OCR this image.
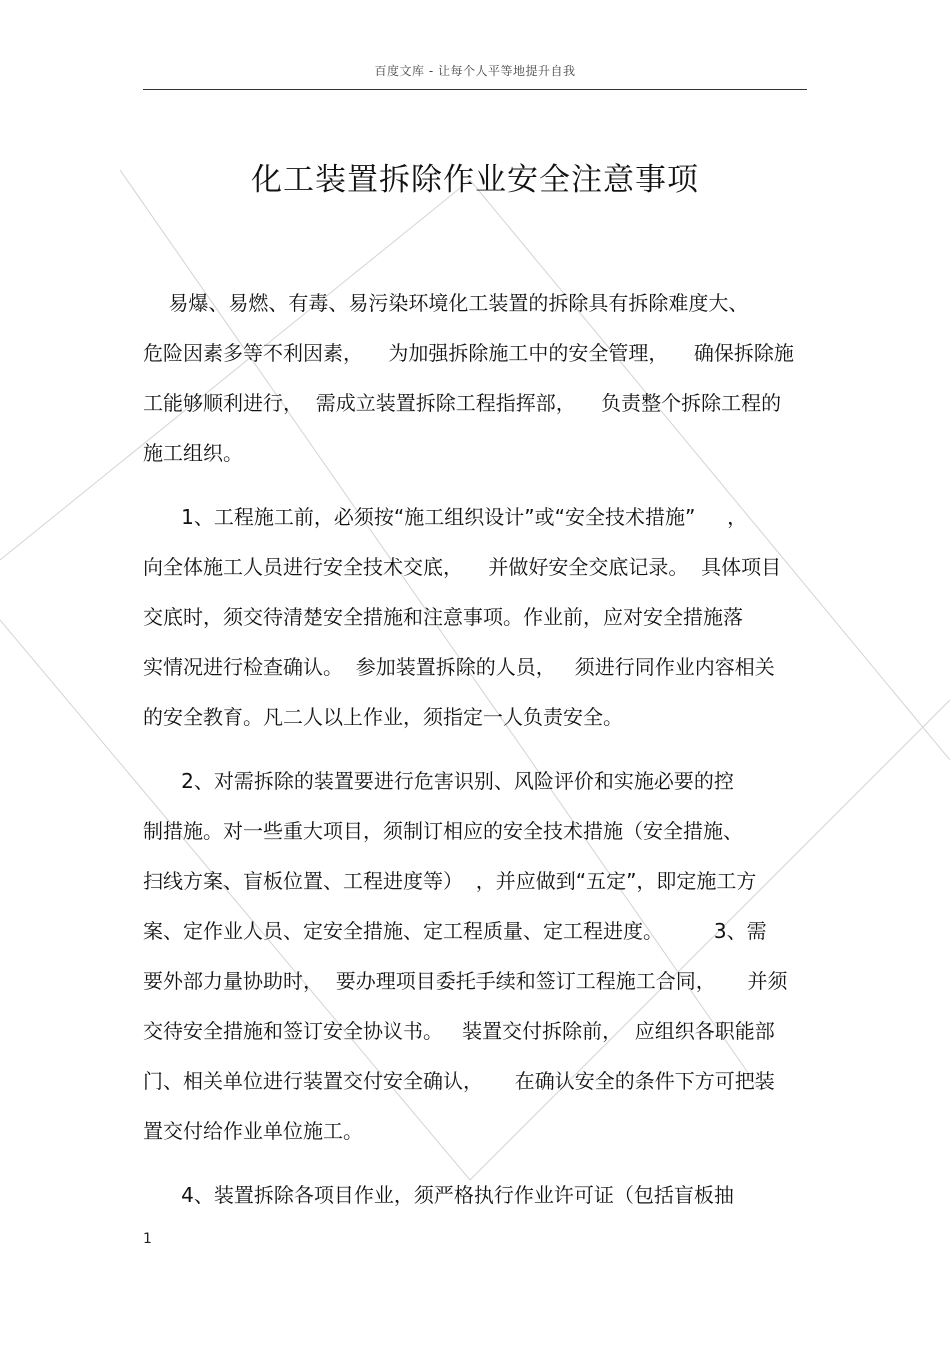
百度文库 - 让每个人平等地提升自我
化工装置拆除作业安全注意事项
易爆、易燃、有毒、易污染环境化工装置的拆除具有拆除难度大、
危险因素多等不利因素，    为加强拆除施工中的安全管理，    确保拆除施
工能够顺利进行，  需成立装置拆除工程指挥部，    负责整个拆除工程的
施工组织。
1、工程施工前，必须按“施工组织设计”或“安全技术措施”     ，
向全体施工人员进行安全技术交底，    并做好安全交底记录。  具体项目
交底时，须交待清楚安全措施和注意事项。作业前，应对安全措施落
实情况进行检查确认。  参加装置拆除的人员，   须进行同作业内容相关
的安全教育。凡二人以上作业，须指定一人负责安全。
2、对需拆除的装置要进行危害识别、风险评价和实施必要的控
制措施。对一些重大项目，须制订相应的安全技术措施（安全措施、
扫线方案、盲板位置、工程进度等）  ，并应做到“五定”，即定施工方
案、定作业人员、定安全措施、定工程质量、定工程进度。        3、需
要外部力量协助时，  要办理项目委托手续和签订工程施工合同，     并须
交待安全措施和签订安全协议书。   装置交付拆除前，  应组织各职能部
门、相关单位进行装置交付安全确认，     在确认安全的条件下方可把装
置交付给作业单位施工。
4、装置拆除各项目作业，须严格执行作业许可证（包括盲板抽
1
